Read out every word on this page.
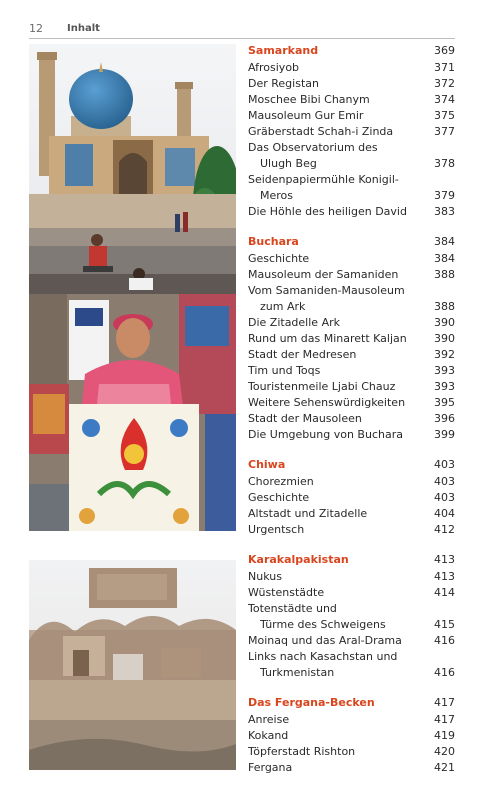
12 Inhalt
Samarkand	369
Afrosiyob	371
Der Registan	372
Moschee Bibi Chanym	374
Mausoleum Gur Emir	375
Gräberstadt Schah-i Zinda	377
Das Observatorium des
Ulugh Beg	378
Seidenpapiermühle Konigil-
Meros	379
Die Höhle des heiligen David	383
Buchara	384
Geschichte	384
Mausoleum der Samaniden	388
Vom Samaniden-Mausoleum
zum Ark	388
Die Zitadelle Ark	390
Rund um das Minarett Kaljan	390
Stadt der Medresen	392
Tim und Toqs	393
Touristenmeile Ljabi Chauz	393
Weitere Sehenswürdigkeiten	395
Stadt der Mausoleen	396
Die Umgebung von Buchara	399
Chiwa	403
Chorezmien	403
Geschichte	403
Altstadt und Zitadelle	404
Urgentsch	412
Karakalpakistan	413
Nukus	413
Wüstenstädte	414
Totenstädte und
Türme des Schweigens	415
Moinaq und das Aral-Drama	416
Links nach Kasachstan und
Turkmenistan	416
Das Fergana-Becken	417
Anreise	417
Kokand	419
Töpferstadt Rishton	420
Fergana	421
